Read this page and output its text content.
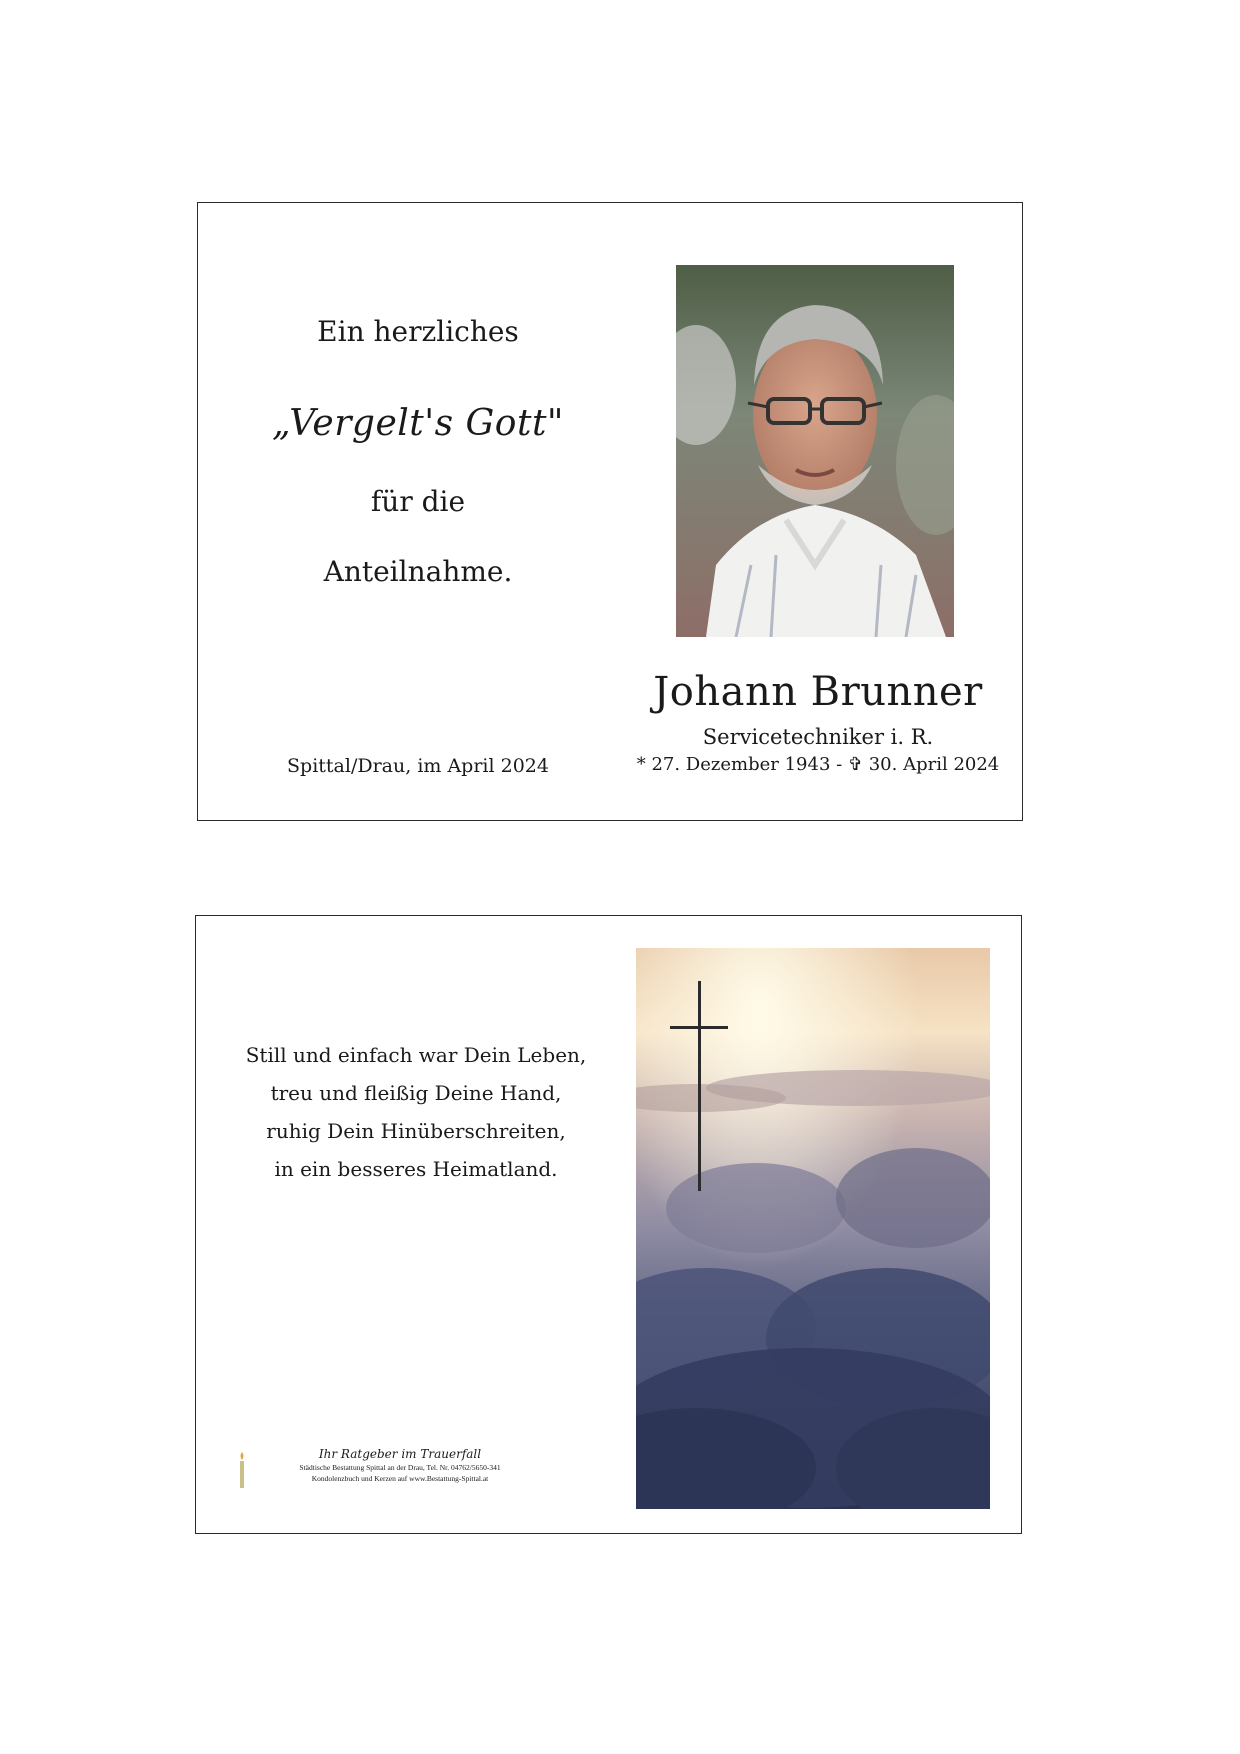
Ein herzliches
„Vergelt's Gott"
für die
Anteilnahme.
Spittal/Drau, im April 2024
Johann Brunner
Servicetechniker i. R.
* 27. Dezember 1943 - ✞ 30. April 2024
Still und einfach war Dein Leben,
treu und fleißig Deine Hand,
ruhig Dein Hinüberschreiten,
in ein besseres Heimatland.
Ihr Ratgeber im Trauerfall
Städtische Bestattung Spittal an der Drau, Tel. Nr. 04762/5650-341
Kondolenzbuch und Kerzen auf www.Bestattung-Spittal.at
